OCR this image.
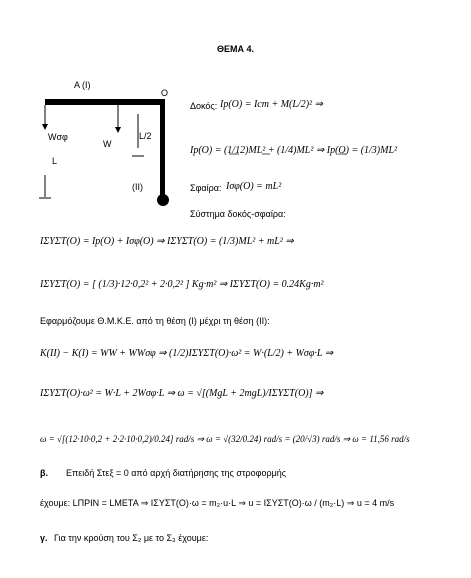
ΘΕΜΑ 4.
A (I)
O
Wσφ
W
L/2
L
(II)
Δοκός: Ip(O) = Icm + M(L/2)² ⇒
Ip(O) = (1/12)ML² + (1/4)ML² ⇒ Ip(O) = (1/3)ML²
Σφαίρα: Iσφ(O) = mL²
Σύστημα δοκός-σφαίρα:
IΣΥΣΤ(O) = Ip(O) + Iσφ(O) ⇒ IΣΥΣΤ(O) = (1/3)ML² + mL² ⇒
IΣΥΣΤ(O) = [ (1/3)·12·0,2² + 2·0,2² ] Kg·m² ⇒ IΣΥΣΤ(O) = 0.24Kg·m²
Εφαρμόζουμε Θ.Μ.Κ.Ε. από τη θέση (I) μέχρι τη θέση (II):
K(II) − K(I) = WW + WWσφ ⇒ (1/2)IΣΥΣΤ(O)·ω² = W·(L/2) + Wσφ·L ⇒
IΣΥΣΤ(O)·ω² = W·L + 2Wσφ·L ⇒ ω = √[(MgL + 2mgL)/IΣΥΣΤ(O)] ⇒
ω = √[(12·10·0,2 + 2·2·10·0,2)/0.24] rad/s ⇒ ω = √(32/0.24) rad/s = (20/√3) rad/s ⇒ ω = 11,56 rad/s
β. Επειδή Στεξ = 0 από αρχή διατήρησης της στροφορμής
έχουμε: LΠΡΙΝ = LΜΕΤΑ ⇒ IΣΥΣΤ(O)·ω = m₂·u·L ⇒ u = IΣΥΣΤ(O)·ω / (m₂·L) ⇒ u = 4 m/s
γ. Για την κρούση του Σ₂ με το Σ₃ έχουμε:
